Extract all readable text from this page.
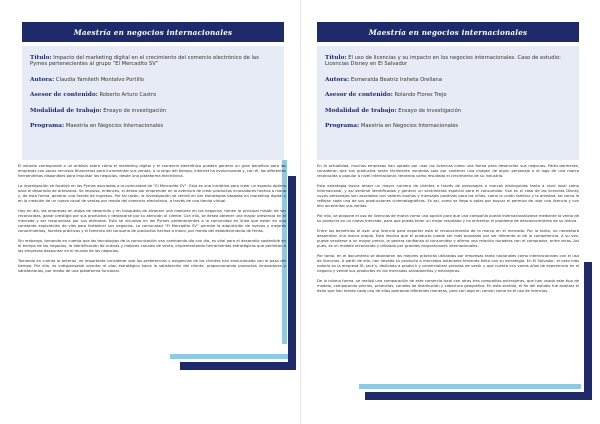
Maestría en negocios internacionales
Título: Impacto del marketing digital en el crecimiento del comercio electrónico de las Pymes pertenecientes al grupo “El Mercadito SV”
Autora: Claudia Yamileth Montalvo Portillo
Asesor de contenido: Roberto Arturo Castro
Modalidad de trabajo: Ensayo de investigación
Programa: Maestría en Negocios Internacionales

El estudio corresponde a un análisis sobre cómo el marketing digital y el comercio electrónico pueden generar un gran beneficio para las empresas con pocos recursos financieros para incrementar sus ventas. A lo largo del tiempo, internet ha evolucionado y, con él, las diferentes herramientas disponibles para impulsar los negocios, desde una plataforma electrónica.

La investigación se focalizó en las Pymes asociadas a la comunidad de “El Mercadito SV”. Esta es una iniciativa para crear un espacio óptimo para el desarrollo de artesanos. Se impulsa, entonces, el deseo por emprender en la aventura de crear productos innovadores hechos a mano y, de esta forma, generar una fuente de ingresos. Por tal razón, la investigación se centró en dar estrategias basadas en marketing digital y en la creación de un nuevo canal de ventas por medio del comercio electrónico, a través de una tienda virtual.

Hoy en día, las empresas en etapa de desarrollo y en búsqueda de alcanzar una madurez en los negocios, tienen la principal misión de ser reconocidas, ganar prestigio por sus productos y destacarse por su atención al cliente. Con ello, se desea obtener una mayor presencia en el mercado y ser reconocidas por sus atributos. Esto se visualiza en las Pymes pertenecientes a la comunidad en línea que están en una constante exploración de vías para fortalecer sus negocios. La comunidad “El Mercadito SV” permite la adquisición de nuevos y mejores conocimientos, fuentes prácticas y el fomento del consumo de productos hechos a mano, por medio del establecimiento de ferias.

Sin embargo, tomando en cuenta que las tecnologías de la comunicación van cambiando día con día, es vital para el desarrollo sostenible en el tiempo de los negocios, la identificación de nuevas y mejores canales de venta, implementando herramientas estratégicas que permitan a las empresas despuntar en el mundo de los negocios.

Tomando en cuenta lo anterior, es importante considerar que las preferencias y exigencias de los clientes han evolucionado con el paso del tiempo. Por ello, es indispensable orientar el plan estratégico hacia la satisfacción del cliente, proporcionando productos innovadores y satisfactorios, por medio de una plataforma funcional.

Maestría en negocios internacionales
Título: El uso de licencias y su impacto en los negocios internacionales. Caso de estudio: Licencias Disney en El Salvador
Autora: Esmeralda Beatriz Iraheta Orellana
Asesor de contenido: Rolando Flores Trejo
Modalidad de trabajo: Ensayo de investigación
Programa: Maestría en Negocios Internacionales

En la actualidad, muchas empresas han optado por usar las licencias como una forma para desarrollar sus negocios. Particularmente, consideran que sus productos serán fácilmente vendidos solo por contener una imagen de algún personaje o el logo de una marca reconocida o popular a nivel internacional; teniendo como resultado el crecimiento de su industria.

Esta estrategia busca atraer un mayor número de clientes a través de personajes o marcas distinguidas tanto a nivel local como internacional, y así sentirse identificados y generar un sentimiento especial para el consumidor. Ese es el caso de las licencias Disney cuyos personajes son asociados con valores buenos y mensajes positivos para los niños, como la unión familiar y la amistad, tal como lo reflejan cada una de sus producciones cinematográficas. Es así, como se llega a optar por buscar el permiso de usar una licencia y con ello acrecentar sus ventas.

Por ello, se propone el uso de licencias de marca como una opción para que una compañía pueda internacionalizarse mediante la venta de su producto en un nuevo mercado, para que pueda tener un mejor resultado y no enfrentar el problema de desconocimiento de su marca.

Entre los beneficios al usar una licencia para exportar está el reconocimiento de la marca en el mercado. Por lo tanto, no necesitará desarrollar una marca propia. Esta implica que el producto puede ser más aceptado por ser diferente al de la competencia. A su vez, puede venderse a un mayor precio, le genera confianza al consumidor y afirma una relación duradera con el comprador, entre otras. Así pues, es un modelo reconocido y utilizado por grandes corporaciones internacionales.

Por tanto, en el documento se abordaron los mejores prácticas utilizadas por empresas tanto nacionales como internacionales con el uso de licencias. A partir de ello, han llevado su producto a mercados exteriores teniendo éxito con su estrategia. En El Salvador, el caso más notorio es la empresa St. Jack’s, dedicada a producir y comercializar prendas de vestir y que cuenta con varios años de experiencia en el negocio y vende sus productos en los mercados salvadoreños y extranjeros.

De lo mismo forma, se realizó una comparación de este comercio local con otras tres compañías extranjeras, que han usado este tipo de modelo, comparando precios, productos, canales de distribución y cobertura geográfica. En este sentido, el fin del estudio fue analizar el éxito que han tenido cada una de ellas operando diferentes maneras, pero con algo en común como es el uso de licencias.
